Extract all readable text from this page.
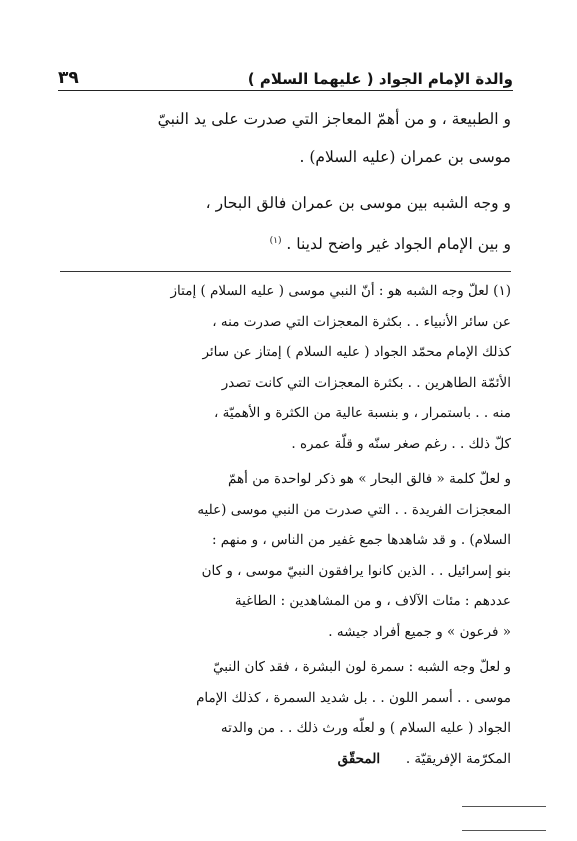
والدة الإمام الجواد ( عليهما السلام )
٣٩

و الطبيعة ، و من أهمّ المعاجز التي صدرت على يد النبيّ

موسى بن عمران (عليه السلام) .

و وجه الشبه بين موسى بن عمران فالق البحار ،

و بين الإمام الجواد غير واضح لدينا . $^{(١)}$

(١) لعلّ وجه الشبه هو : أنّ النبي موسى ( عليه السلام ) إمتاز

عن سائر الأنبياء . . بكثرة المعجزات التي صدرت منه ،

كذلك الإمام محمّد الجواد ( عليه السلام ) إمتاز عن سائر

الأئمّة الطاهرين . . بكثرة المعجزات التي كانت تصدر

منه . . باستمرار ، و بنسبة عالية من الكثرة و الأهميّة ،

كلّ ذلك . . رغم صغر سنّه و قلّة عمره .

و لعلّ كلمة « فالق البحار » هو ذكر لواحدة من أهمّ

المعجزات الفريدة . . التي صدرت من النبي موسى (عليه

السلام) . و قد شاهدها جمع غفير من الناس ، و منهم :

بنو إسرائيل . . الذين كانوا يرافقون النبيّ موسى ، و كان

عددهم : مئات الآلاف ، و من المشاهدين : الطاغية

« فرعون » و جميع أفراد جيشه .

و لعلّ وجه الشبه : سمرة لون البشرة ، فقد كان النبيّ

موسى . . أسمر اللون . . بل شديد السمرة ، كذلك الإمام

الجواد ( عليه السلام ) و لعلّه ورث ذلك . . من والدته

المكرّمة الإفريقيّة .      المحقّق
